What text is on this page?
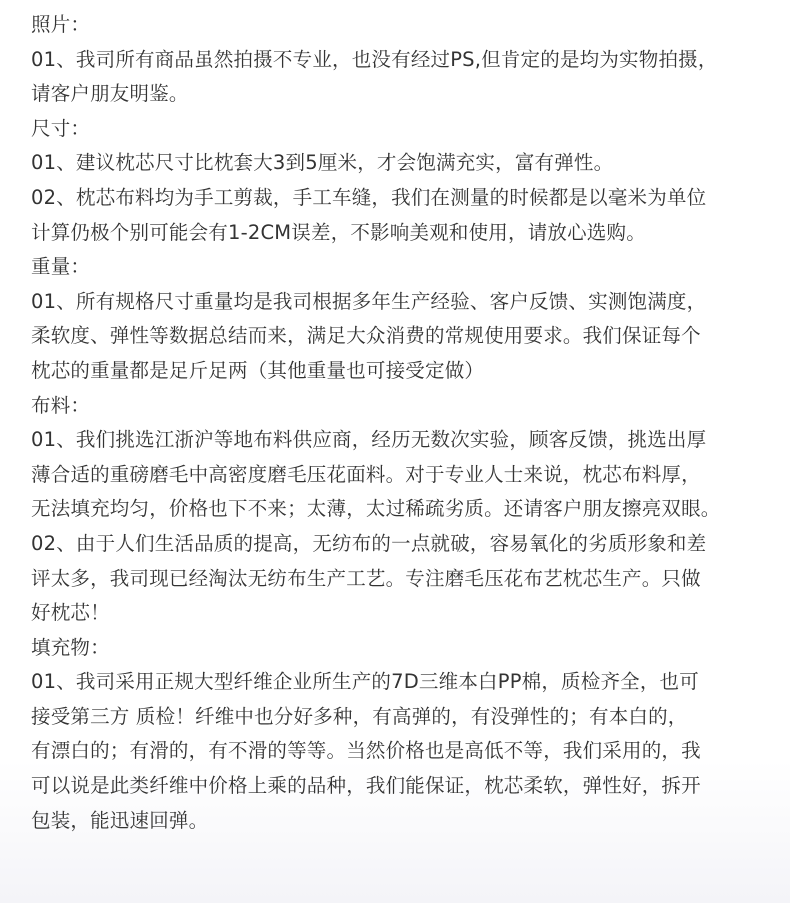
照片：
01、我司所有商品虽然拍摄不专业，也没有经过PS,但肯定的是均为实物拍摄，
请客户朋友明鉴。
尺寸：
01、建议枕芯尺寸比枕套大3到5厘米，才会饱满充实，富有弹性。
02、枕芯布料均为手工剪裁，手工车缝，我们在测量的时候都是以毫米为单位
计算仍极个别可能会有1-2CM误差，不影响美观和使用，请放心选购。
重量：
01、所有规格尺寸重量均是我司根据多年生产经验、客户反馈、实测饱满度，
柔软度、弹性等数据总结而来，满足大众消费的常规使用要求。我们保证每个
枕芯的重量都是足斤足两（其他重量也可接受定做）
布料：
01、我们挑选江浙沪等地布料供应商，经历无数次实验，顾客反馈，挑选出厚
薄合适的重磅磨毛中高密度磨毛压花面料。对于专业人士来说，枕芯布料厚，
无法填充均匀，价格也下不来；太薄，太过稀疏劣质。还请客户朋友擦亮双眼。
02、由于人们生活品质的提高，无纺布的一点就破，容易氧化的劣质形象和差
评太多，我司现已经淘汰无纺布生产工艺。专注磨毛压花布艺枕芯生产。只做
好枕芯！
填充物：
01、我司采用正规大型纤维企业所生产的7D三维本白PP棉，质检齐全，也可
接受第三方 质检！纤维中也分好多种，有高弹的，有没弹性的；有本白的，
有漂白的；有滑的，有不滑的等等。当然价格也是高低不等，我们采用的，我
可以说是此类纤维中价格上乘的品种，我们能保证，枕芯柔软，弹性好，拆开
包装，能迅速回弹。
